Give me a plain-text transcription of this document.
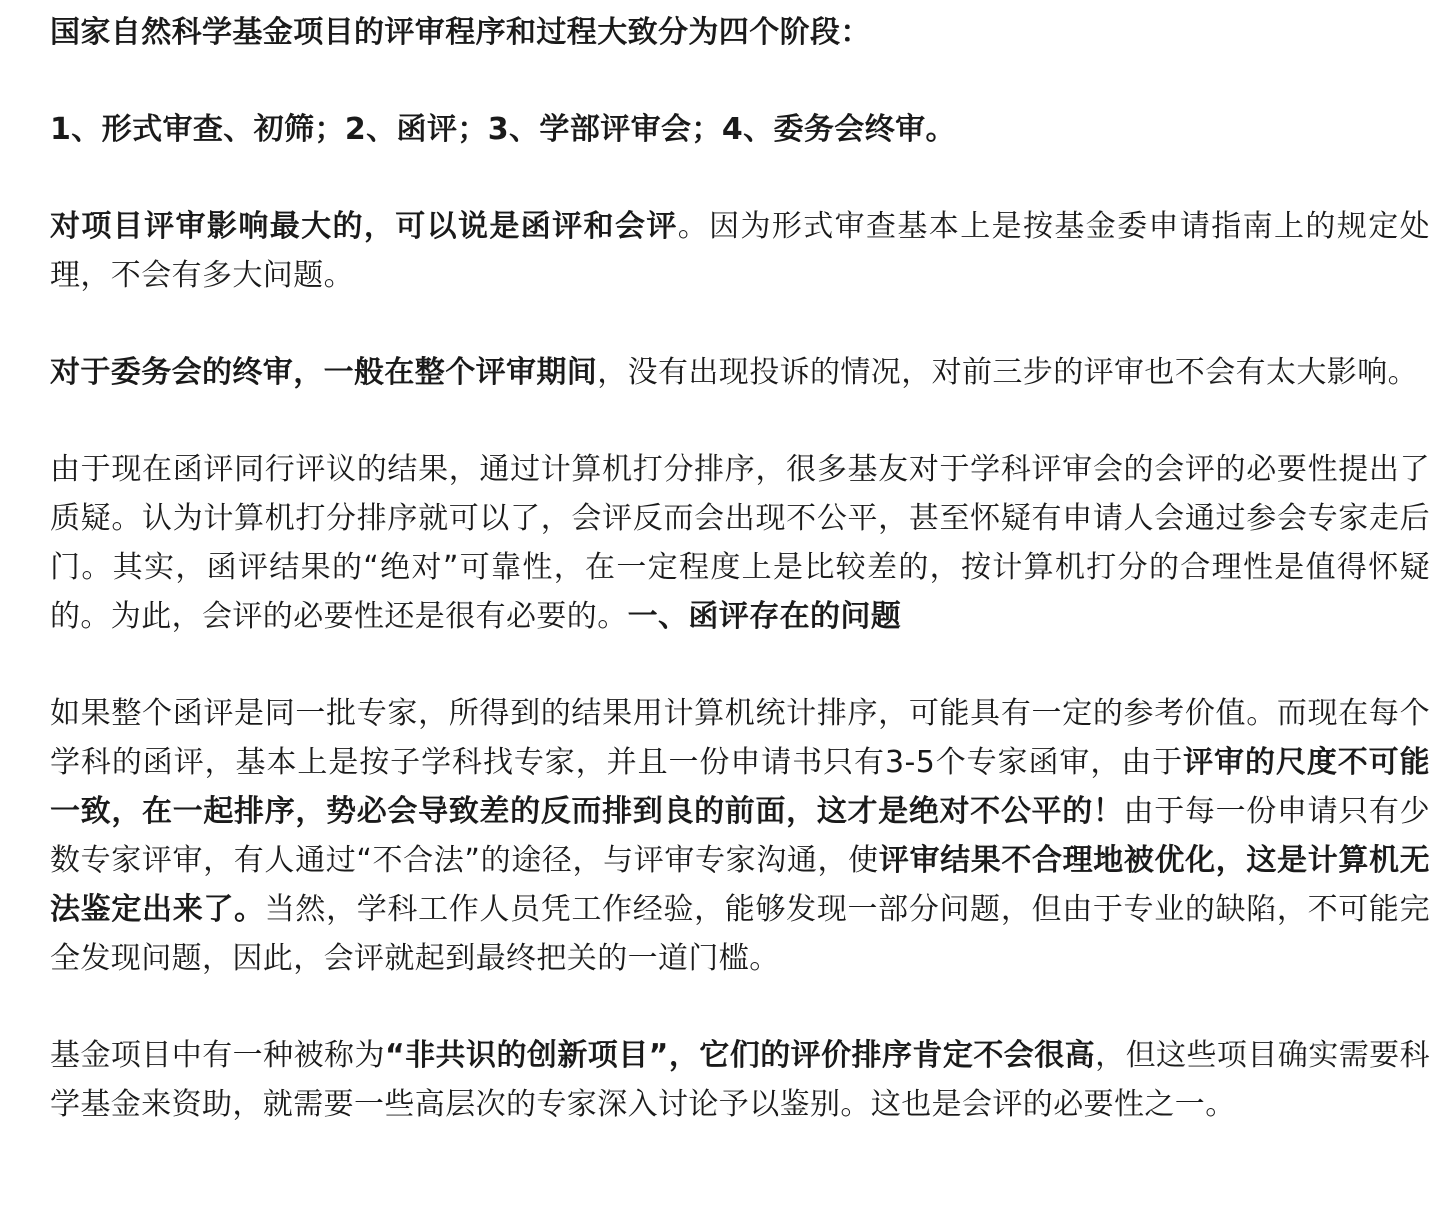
国家自然科学基金项目的评审程序和过程大致分为四个阶段：

1、形式审查、初筛；2、函评；3、学部评审会；4、委务会终审。

对项目评审影响最大的，可以说是函评和会评。因为形式审查基本上是按基金委申请指南上的规定处理，不会有多大问题。

对于委务会的终审，一般在整个评审期间，没有出现投诉的情况，对前三步的评审也不会有太大影响。

由于现在函评同行评议的结果，通过计算机打分排序，很多基友对于学科评审会的会评的必要性提出了质疑。认为计算机打分排序就可以了，会评反而会出现不公平，甚至怀疑有申请人会通过参会专家走后门。其实，函评结果的“绝对”可靠性，在一定程度上是比较差的，按计算机打分的合理性是值得怀疑的。为此，会评的必要性还是很有必要的。一、函评存在的问题

如果整个函评是同一批专家，所得到的结果用计算机统计排序，可能具有一定的参考价值。而现在每个学科的函评，基本上是按子学科找专家，并且一份申请书只有3-5个专家函审，由于评审的尺度不可能一致，在一起排序，势必会导致差的反而排到良的前面，这才是绝对不公平的！由于每一份申请只有少数专家评审，有人通过“不合法”的途径，与评审专家沟通，使评审结果不合理地被优化，这是计算机无法鉴定出来了。当然，学科工作人员凭工作经验，能够发现一部分问题，但由于专业的缺陷，不可能完全发现问题，因此，会评就起到最终把关的一道门槛。

基金项目中有一种被称为“非共识的创新项目”，它们的评价排序肯定不会很高，但这些项目确实需要科学基金来资助，就需要一些高层次的专家深入讨论予以鉴别。这也是会评的必要性之一。
